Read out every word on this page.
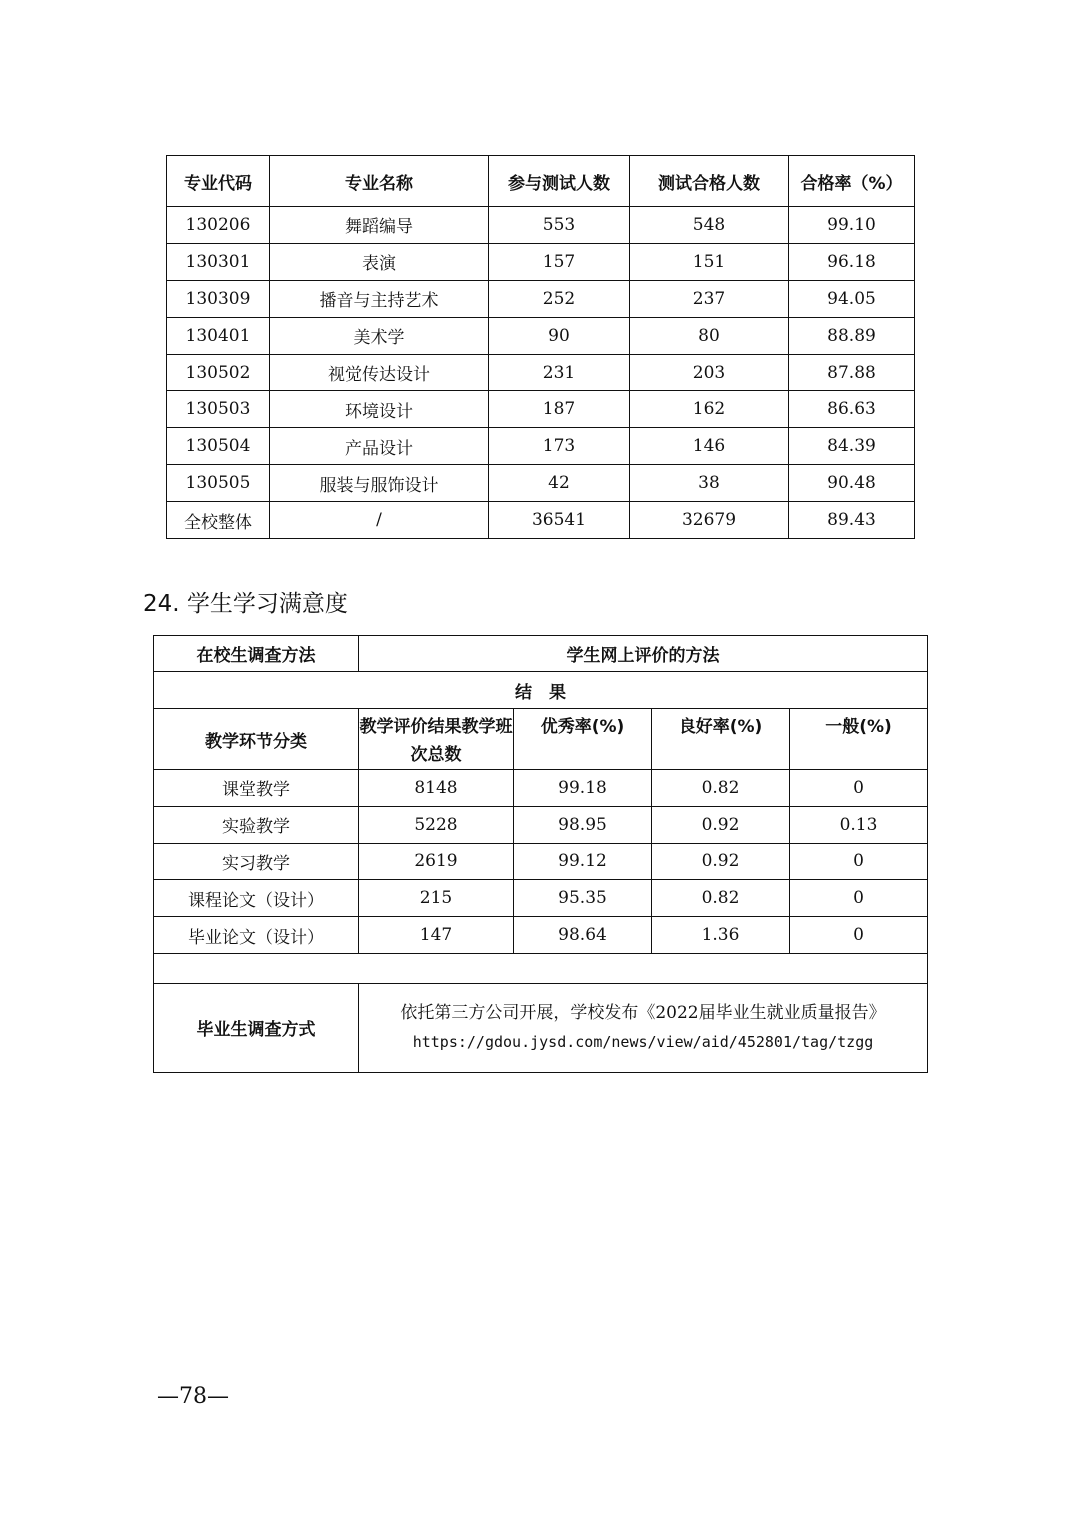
专业代码	专业名称	参与测试人数	测试合格人数	合格率（%）
130206	舞蹈编导	553	548	99.10
130301	表演	157	151	96.18
130309	播音与主持艺术	252	237	94.05
130401	美术学	90	80	88.89
130502	视觉传达设计	231	203	87.88
130503	环境设计	187	162	86.63
130504	产品设计	173	146	84.39
130505	服装与服饰设计	42	38	90.48
全校整体	/	36541	32679	89.43
24. 学生学习满意度
在校生调查方法	学生网上评价的方法			
结　果				
教学环节分类	教学评价结果教学班次总数	优秀率(%)	良好率(%)	一般(%)
课堂教学	8148	99.18	0.82	0
实验教学	5228	98.95	0.92	0.13
实习教学	2619	99.12	0.92	0
课程论文（设计）	215	95.35	0.82	0
毕业论文（设计）	147	98.64	1.36	0

毕业生调查方式	依托第三方公司开展，学校发布《2022届毕业生就业质量报告》
https://gdou.jysd.com/news/view/aid/452801/tag/tzgg			
—78—
